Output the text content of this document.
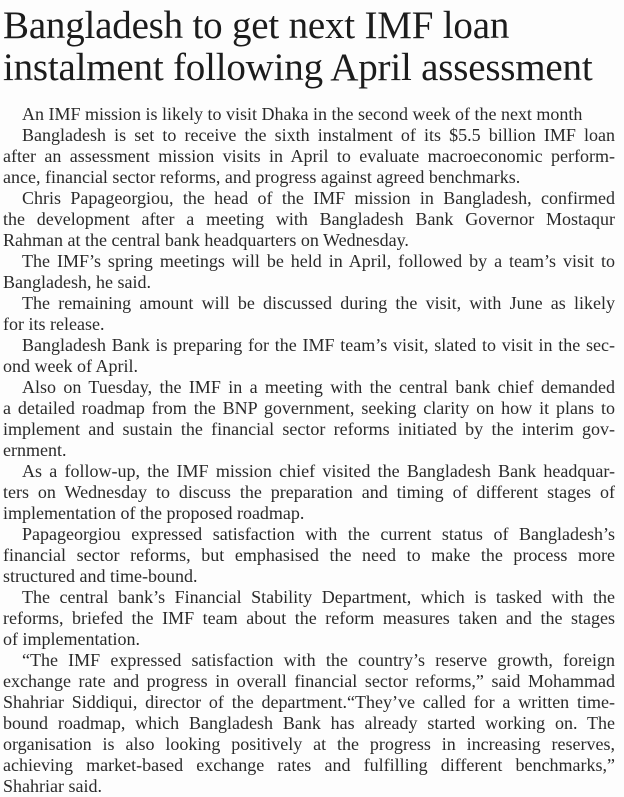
Bangladesh to get next IMF loan
instalment following April assessment
An IMF mission is likely to visit Dhaka in the second week of the next month
Bangladesh is set to receive the sixth instalment of its $5.5 billion IMF loan
after an assessment mission visits in April to evaluate macroeconomic perform-
ance, financial sector reforms, and progress against agreed benchmarks.
Chris Papageorgiou, the head of the IMF mission in Bangladesh, confirmed
the development after a meeting with Bangladesh Bank Governor Mostaqur
Rahman at the central bank headquarters on Wednesday.
The IMF’s spring meetings will be held in April, followed by a team’s visit to
Bangladesh, he said.
The remaining amount will be discussed during the visit, with June as likely
for its release.
Bangladesh Bank is preparing for the IMF team’s visit, slated to visit in the sec-
ond week of April.
Also on Tuesday, the IMF in a meeting with the central bank chief demanded
a detailed roadmap from the BNP government, seeking clarity on how it plans to
implement and sustain the financial sector reforms initiated by the interim gov-
ernment.
As a follow-up, the IMF mission chief visited the Bangladesh Bank headquar-
ters on Wednesday to discuss the preparation and timing of different stages of
implementation of the proposed roadmap.
Papageorgiou expressed satisfaction with the current status of Bangladesh’s
financial sector reforms, but emphasised the need to make the process more
structured and time-bound.
The central bank’s Financial Stability Department, which is tasked with the
reforms, briefed the IMF team about the reform measures taken and the stages
of implementation.
“The IMF expressed satisfaction with the country’s reserve growth, foreign
exchange rate and progress in overall financial sector reforms,” said Mohammad
Shahriar Siddiqui, director of the department.“They’ve called for a written time-
bound roadmap, which Bangladesh Bank has already started working on. The
organisation is also looking positively at the progress in increasing reserves,
achieving market-based exchange rates and fulfilling different benchmarks,”
Shahriar said.
